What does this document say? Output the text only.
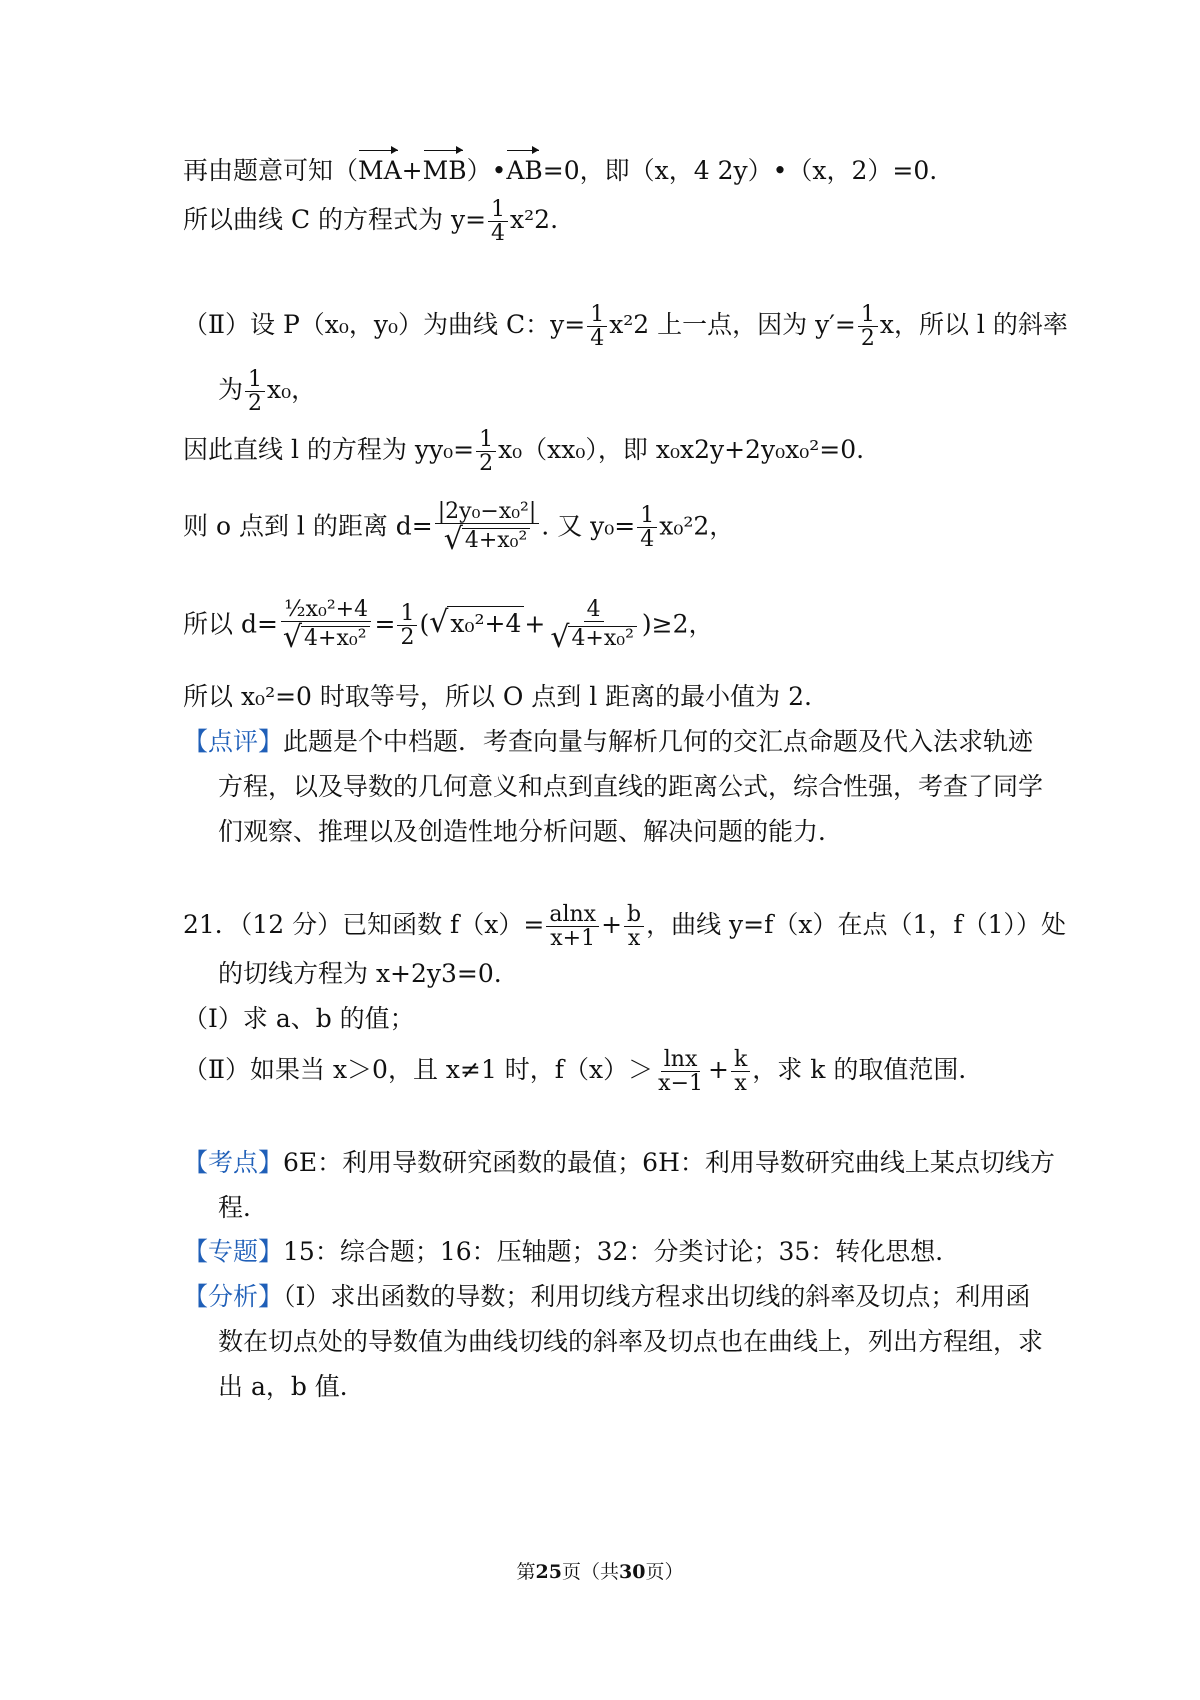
再由题意可知（MA+MB）•AB=0，即（x，4 2y）•（x，2）=0.
所以曲线 C 的方程式为 $y= \frac{1}{4} x^22$.
（Ⅱ）设 P（x₀，y₀）为曲线 C：$y= \frac{1}{4} x^22$ 上一点，因为 $y'= \frac{1}{2}$ x，所以 l 的斜率
为 $\frac{1}{2} x_0$，
因此直线 l 的方程为 $yy_0= \frac{1}{2} x_0(xx_0)$，即 x₀x2y+2y₀x₀²=0.
则 o 点到 l 的距离 $d= \frac{\text{|2y₀−x₀²|}}{\text{√ 4+x₀²}}$ . 又 $y_0= \frac{1}{4} x_0^22$，
所以 $d= \frac{\text{½x₀²+4}}{\text{√ 4+x₀²}} = \frac{1}{2}$ ( √ $x_0^2+4 + \frac{4}{\text{√ 4+x₀²}} )\ge 2$，
所以 x₀²=0 时取等号，所以 O 点到 l 距离的最小值为 2.
【点评】此题是个中档题．考查向量与解析几何的交汇点命题及代入法求轨迹
方程，以及导数的几何意义和点到直线的距离公式，综合性强，考查了同学
们观察、推理以及创造性地分析问题、解决问题的能力．
21．（12 分）已知函数 $f(x)= \frac{alnx}{x+1} + \frac{b}{x}$ ，曲线 y=f（x）在点（1，f（1））处
的切线方程为 x+2y3=0.
（Ⅰ）求 a、b 的值；
（Ⅱ）如果当 x＞0，且 x≠1 时，$f(x)> \frac{\ln x}{x-1} + \frac{k}{x}$ ，求 k 的取值范围．
【考点】6E：利用导数研究函数的最值；6H：利用导数研究曲线上某点切线方
程．
【专题】15：综合题；16：压轴题；32：分类讨论；35：转化思想．
【分析】（I）求出函数的导数；利用切线方程求出切线的斜率及切点；利用函
数在切点处的导数值为曲线切线的斜率及切点也在曲线上，列出方程组，求
出 a，b 值．
第25页（共30页）
